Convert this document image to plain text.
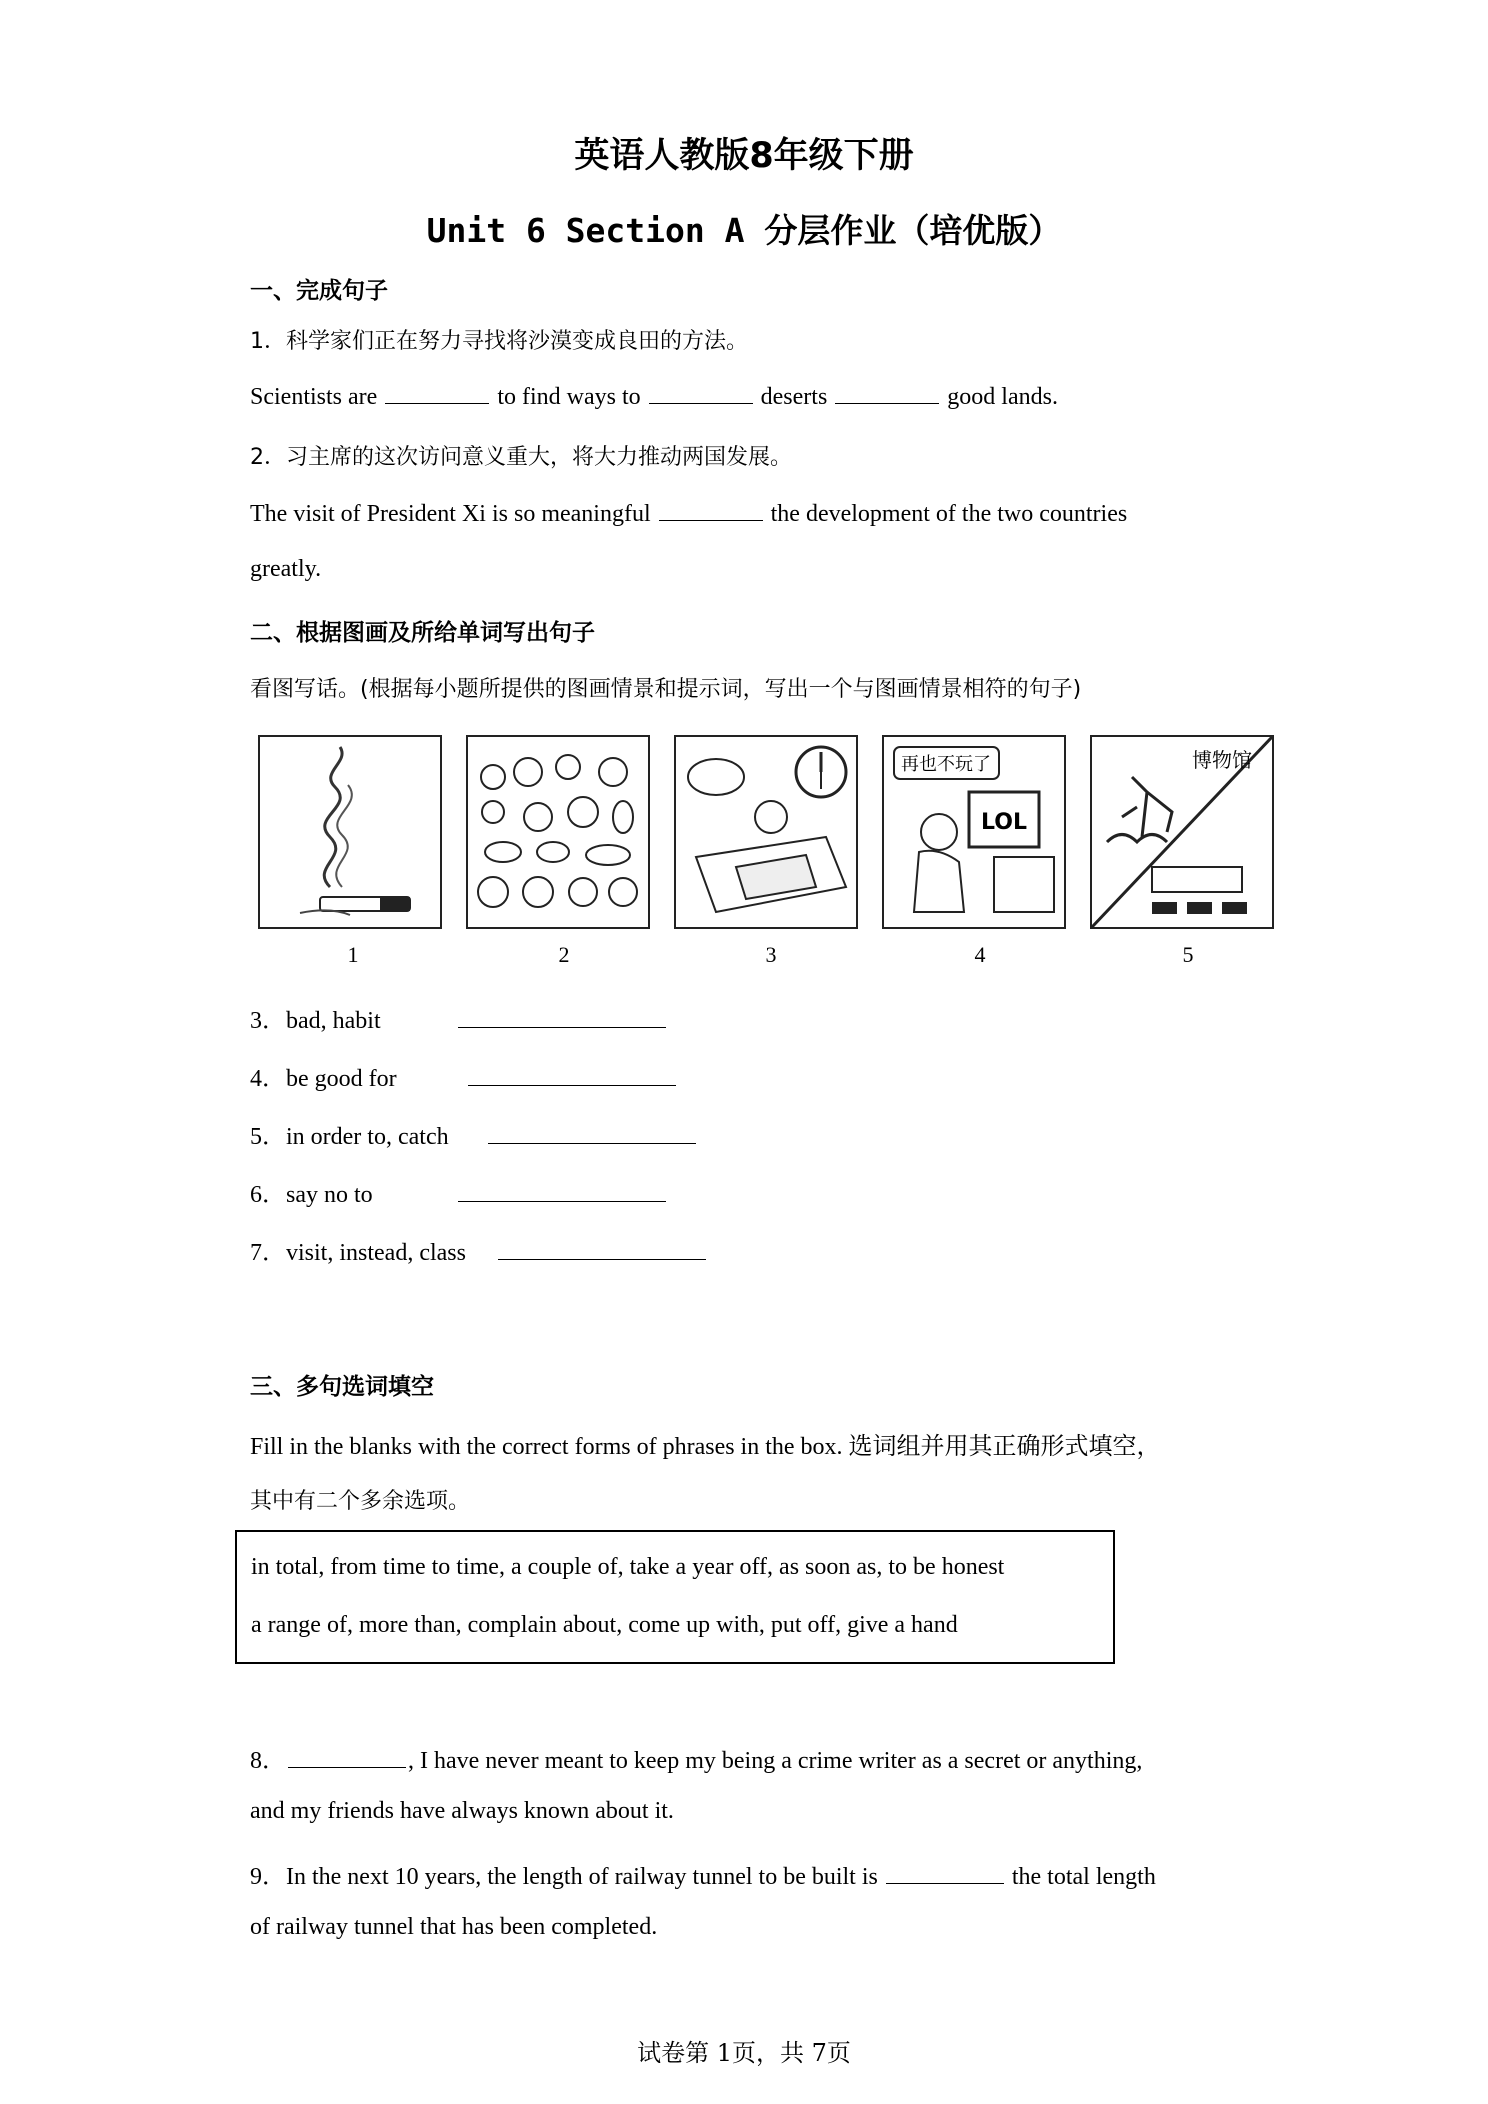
英语人教版8年级下册
Unit 6 Section A 分层作业（培优版）
一、完成句子
1．科学家们正在努力寻找将沙漠变成良田的方法。
Scientists are	to find ways to	deserts	good lands.
2．习主席的这次访问意义重大，将大力推动两国发展。
The visit of President Xi is so meaningful	the development of the two countries
greatly.
二、根据图画及所给单词写出句子
看图写话。(根据每小题所提供的图画情景和提示词，写出一个与图画情景相符的句子)
1	2	3
再也不玩了
LOL
4
博物馆
5
3．bad, habit
4．be good for
5．in order to, catch
6．say no to
7．visit, instead, class
三、多句选词填空
Fill in the blanks with the correct forms of phrases in the box. 选词组并用其正确形式填空，
其中有二个多余选项。
in total, from time to time, a couple of, take a year off, as soon as, to be honest
a range of, more than, complain about, come up with, put off, give a hand
8．	, I have never meant to keep my being a crime writer as a secret or anything,
and my friends have always known about it.
9．In the next 10 years, the length of railway tunnel to be built is	the total length
of railway tunnel that has been completed.
试卷第 1页，共 7页
